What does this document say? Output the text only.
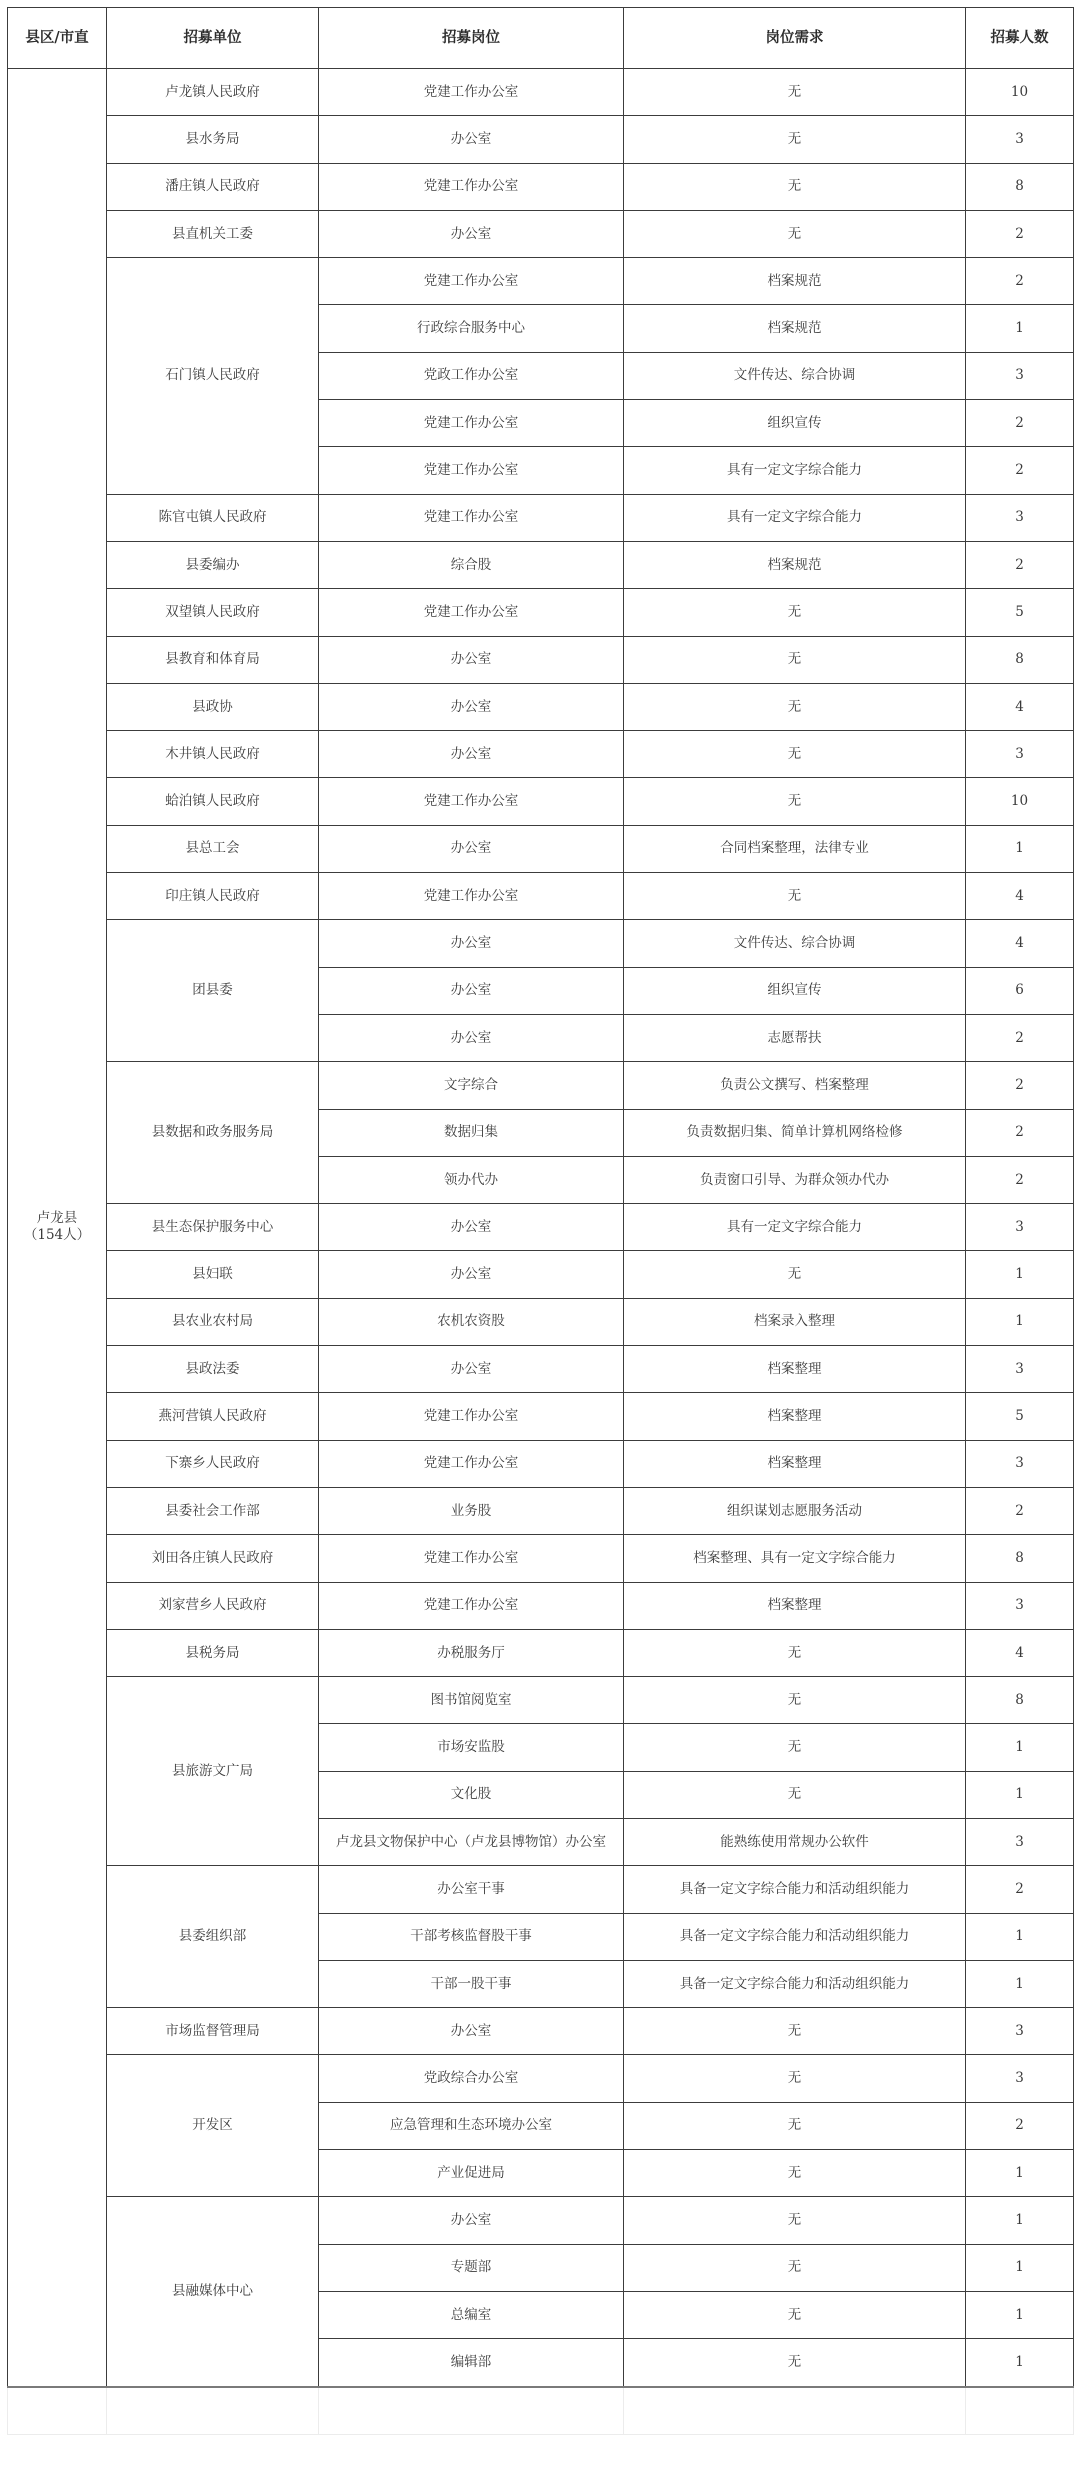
县区/市直	招募单位	招募岗位	岗位需求	招募人数

卢龙县
（154人）	卢龙镇人民政府	党建工作办公室	无	10
	县水务局	办公室	无	3
	潘庄镇人民政府	党建工作办公室	无	8
	县直机关工委	办公室	无	2
	石门镇人民政府	党建工作办公室	档案规范	2
		行政综合服务中心	档案规范	1
		党政工作办公室	文件传达、综合协调	3
		党建工作办公室	组织宣传	2
		党建工作办公室	具有一定文字综合能力	2
	陈官屯镇人民政府	党建工作办公室	具有一定文字综合能力	3
	县委编办	综合股	档案规范	2
	双望镇人民政府	党建工作办公室	无	5
	县教育和体育局	办公室	无	8
	县政协	办公室	无	4
	木井镇人民政府	办公室	无	3
	蛤泊镇人民政府	党建工作办公室	无	10
	县总工会	办公室	合同档案整理，法律专业	1
	印庄镇人民政府	党建工作办公室	无	4
	团县委	办公室	文件传达、综合协调	4
		办公室	组织宣传	6
		办公室	志愿帮扶	2
	县数据和政务服务局	文字综合	负责公文撰写、档案整理	2
		数据归集	负责数据归集、简单计算机网络检修	2
		领办代办	负责窗口引导、为群众领办代办	2
	县生态保护服务中心	办公室	具有一定文字综合能力	3
	县妇联	办公室	无	1
	县农业农村局	农机农资股	档案录入整理	1
	县政法委	办公室	档案整理	3
	燕河营镇人民政府	党建工作办公室	档案整理	5
	下寨乡人民政府	党建工作办公室	档案整理	3
	县委社会工作部	业务股	组织谋划志愿服务活动	2
	刘田各庄镇人民政府	党建工作办公室	档案整理、具有一定文字综合能力	8
	刘家营乡人民政府	党建工作办公室	档案整理	3
	县税务局	办税服务厅	无	4
	县旅游文广局	图书馆阅览室	无	8
		市场安监股	无	1
		文化股	无	1
		卢龙县文物保护中心（卢龙县博物馆）办公室	能熟练使用常规办公软件	3
	县委组织部	办公室干事	具备一定文字综合能力和活动组织能力	2
		干部考核监督股干事	具备一定文字综合能力和活动组织能力	1
		干部一股干事	具备一定文字综合能力和活动组织能力	1
	市场监督管理局	办公室	无	3
	开发区	党政综合办公室	无	3
		应急管理和生态环境办公室	无	2
		产业促进局	无	1
	县融媒体中心	办公室	无	1
		专题部	无	1
		总编室	无	1
		编辑部	无	1
